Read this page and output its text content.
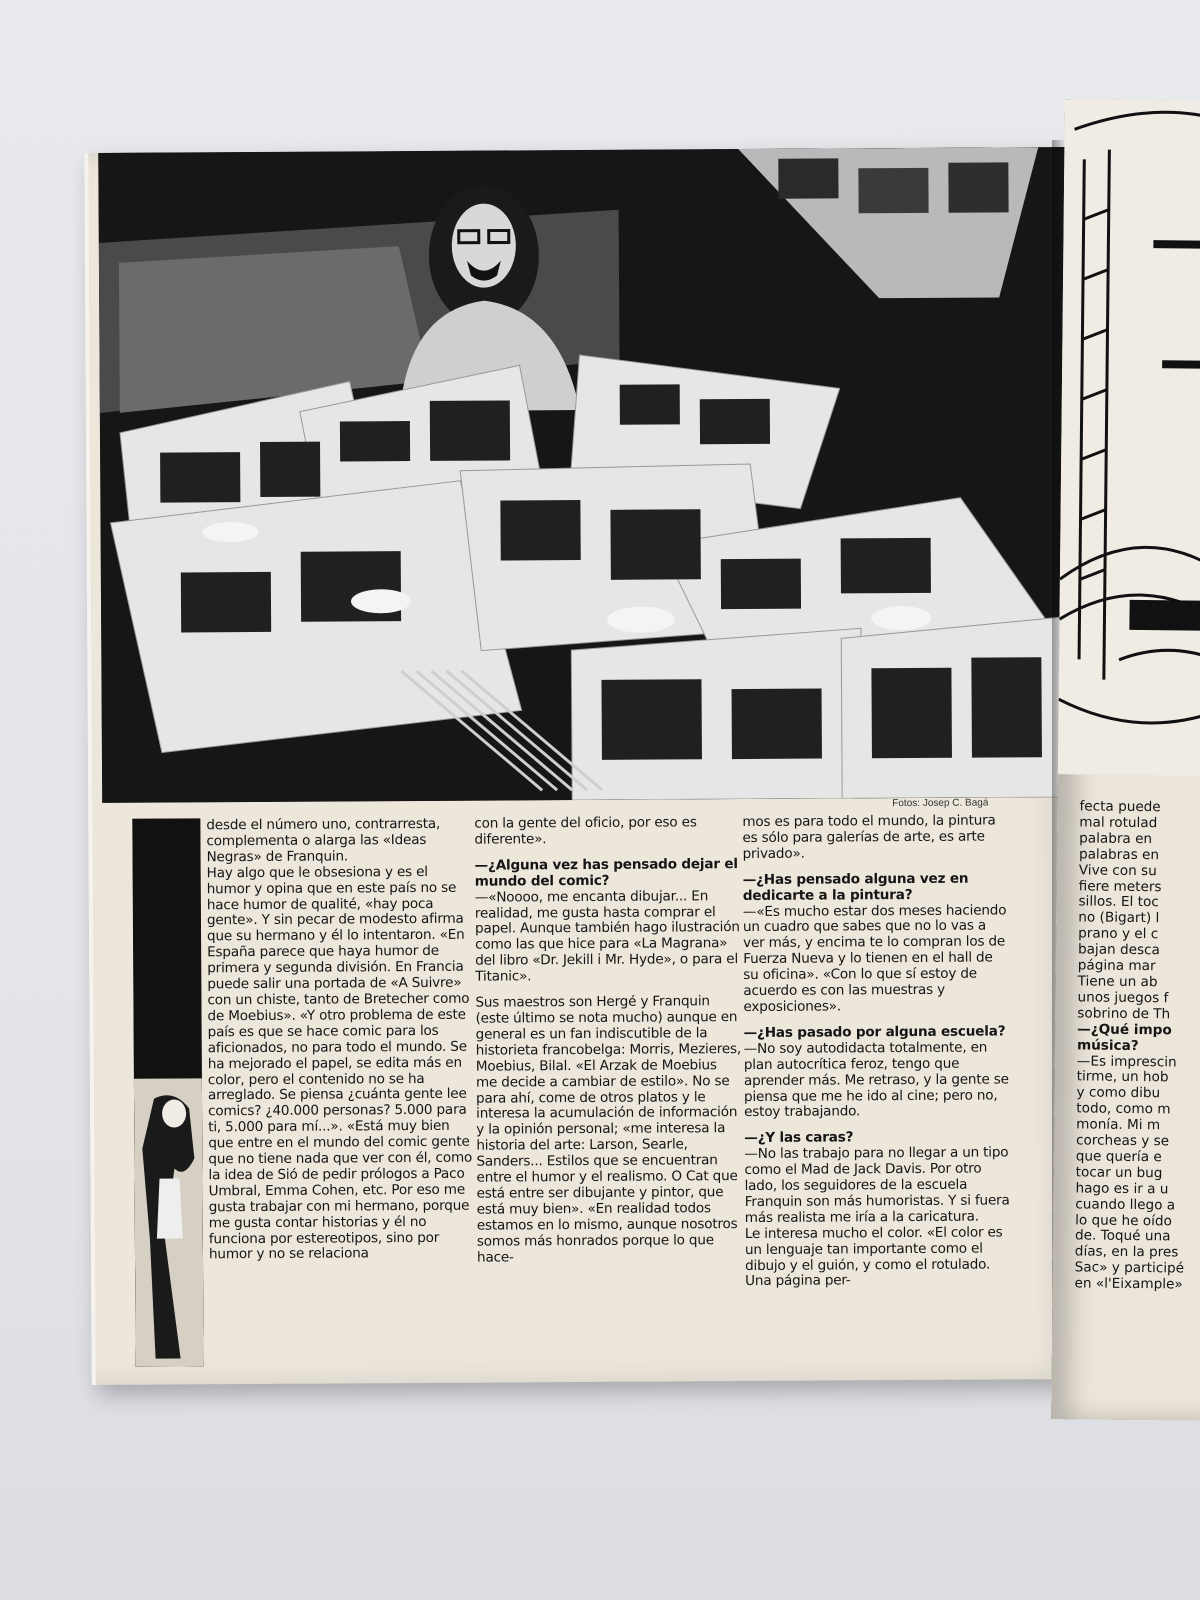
Fotos: Josep C. Bagá

desde el número uno, contrarresta, complementa o alarga las «Ideas Negras» de Franquin.

Hay algo que le obsesiona y es el humor y opina que en este país no se hace humor de qualité, «hay poca gente». Y sin pecar de modesto afirma que su hermano y él lo intentaron. «En España parece que haya humor de primera y segunda división. En Francia puede salir una portada de «A Suivre» con un chiste, tanto de Bretecher como de Moebius». «Y otro problema de este país es que se hace comic para los aficionados, no para todo el mundo. Se ha mejorado el papel, se edita más en color, pero el contenido no se ha arreglado. Se piensa ¿cuánta gente lee comics? ¿40.000 personas? 5.000 para ti, 5.000 para mí...». «Está muy bien que entre en el mundo del comic gente que no tiene nada que ver con él, como la idea de Sió de pedir prólogos a Paco Umbral, Emma Cohen, etc. Por eso me gusta trabajar con mi hermano, porque me gusta contar historias y él no funciona por estereotipos, sino por humor y no se relaciona

con la gente del oficio, por eso es diferente».

—¿Alguna vez has pensado dejar el mundo del comic?

—«Noooo, me encanta dibujar... En realidad, me gusta hasta comprar el papel. Aunque también hago ilustración como las que hice para «La Magrana» del libro «Dr. Jekill i Mr. Hyde», o para el Titanic».

Sus maestros son Hergé y Franquin (este último se nota mucho) aunque en general es un fan indiscutible de la historieta francobelga: Morris, Mezieres, Moebius, Bilal. «El Arzak de Moebius me decide a cambiar de estilo». No se para ahí, come de otros platos y le interesa la acumulación de información y la opinión personal; «me interesa la historia del arte: Larson, Searle, Sanders... Estilos que se encuentran entre el humor y el realismo. O Cat que está entre ser dibujante y pintor, que está muy bien». «En realidad todos estamos en lo mismo, aunque nosotros somos más honrados porque lo que hace-

mos es para todo el mundo, la pintura es sólo para galerías de arte, es arte privado».

—¿Has pensado alguna vez en dedicarte a la pintura?

—«Es mucho estar dos meses haciendo un cuadro que sabes que no lo vas a ver más, y encima te lo compran los de Fuerza Nueva y lo tienen en el hall de su oficina». «Con lo que sí estoy de acuerdo es con las muestras y exposiciones».

—¿Has pasado por alguna escuela?

—No soy autodidacta totalmente, en plan autocrítica feroz, tengo que aprender más. Me retraso, y la gente se piensa que me he ido al cine; pero no, estoy trabajando.

—¿Y las caras?

—No las trabajo para no llegar a un tipo como el Mad de Jack Davis. Por otro lado, los seguidores de la escuela Franquin son más humoristas. Y si fuera más realista me iría a la caricatura.

Le interesa mucho el color. «El color es un lenguaje tan importante como el dibujo y el guión, y como el rotulado. Una página per-

fecta puede

mal rotulad

palabra en

palabras en

Vive con su

fiere meters

sillos. El toc

no (Bigart) l

prano y el c

bajan desca

página mar

Tiene un ab

unos juegos f

sobrino de Th

—¿Qué impo

música?

—Es imprescin

tirme, un hob

y como dibu

todo, como m

monía. Mi m

corcheas y se

que quería e

tocar un bug

hago es ir a u

cuando llego a

lo que he oído

de. Toqué una

días, en la pres

Sac» y participé

en «l'Eixample»
